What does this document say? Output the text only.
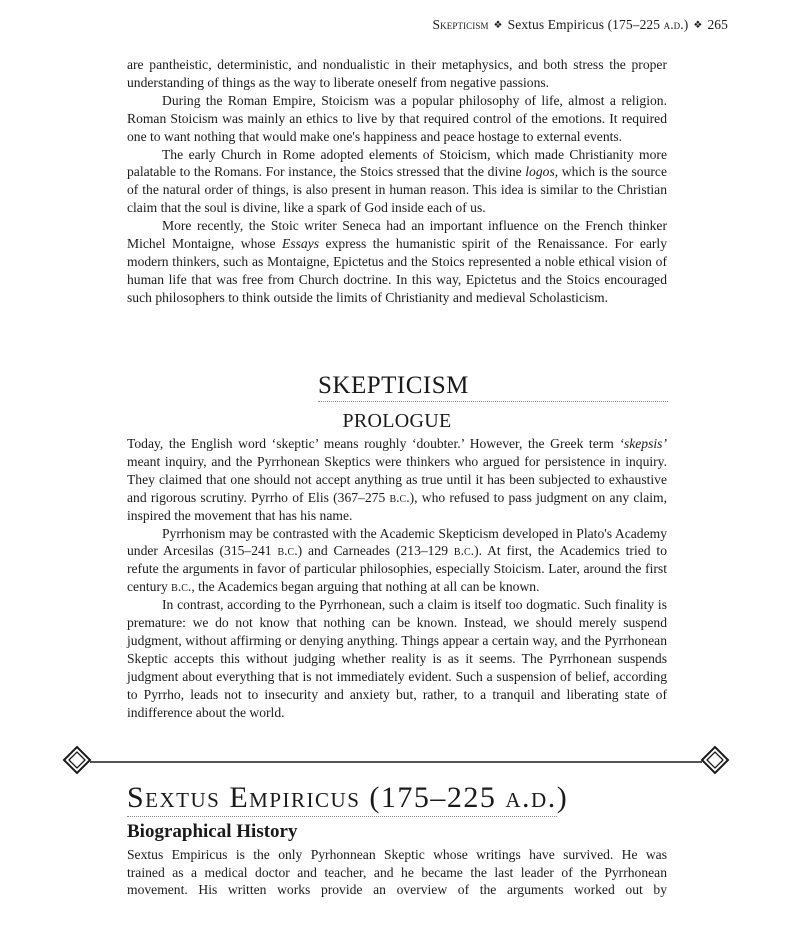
Skepticism ❖ Sextus Empiricus (175–225 a.d.) ❖ 265

are pantheistic, deterministic, and nondualistic in their metaphysics, and both stress the proper understanding of things as the way to liberate oneself from negative passions.

During the Roman Empire, Stoicism was a popular philosophy of life, almost a religion. Roman Stoicism was mainly an ethics to live by that required control of the emotions. It required one to want nothing that would make one's happiness and peace hostage to external events.

The early Church in Rome adopted elements of Stoicism, which made Christianity more palatable to the Romans. For instance, the Stoics stressed that the divine logos, which is the source of the natural order of things, is also present in human reason. This idea is similar to the Christian claim that the soul is divine, like a spark of God inside each of us.

More recently, the Stoic writer Seneca had an important influence on the French thinker Michel Montaigne, whose Essays express the humanistic spirit of the Renaissance. For early modern thinkers, such as Montaigne, Epictetus and the Stoics represented a noble ethical vision of human life that was free from Church doctrine. In this way, Epictetus and the Stoics encouraged such philosophers to think outside the limits of Christianity and medieval Scholasticism.

SKEPTICISM
PROLOGUE

Today, the English word ‘skeptic’ means roughly ‘doubter.’ However, the Greek term ‘skepsis’ meant inquiry, and the Pyrrhonean Skeptics were thinkers who argued for persistence in inquiry. They claimed that one should not accept anything as true until it has been subjected to exhaustive and rigorous scrutiny. Pyrrho of Elis (367–275 b.c.), who refused to pass judgment on any claim, inspired the movement that has his name.

Pyrrhonism may be contrasted with the Academic Skepticism developed in Plato's Academy under Arcesilas (315–241 b.c.) and Carneades (213–129 b.c.). At first, the Academics tried to refute the arguments in favor of particular philosophies, especially Stoicism. Later, around the first century b.c., the Academics began arguing that nothing at all can be known.

In contrast, according to the Pyrrhonean, such a claim is itself too dogmatic. Such finality is premature: we do not know that nothing can be known. Instead, we should merely suspend judgment, without affirming or denying anything. Things appear a certain way, and the Pyrrhonean Skeptic accepts this without judging whether reality is as it seems. The Pyrrhonean suspends judgment about everything that is not immediately evident. Such a suspension of belief, according to Pyrrho, leads not to insecurity and anxiety but, rather, to a tranquil and liberating state of indifference about the world.

Sextus Empiricus (175–225 a.d.)
Biographical History
Sextus Empiricus is the only Pyrhonnean Skeptic whose writings have survived. He was
trained as a medical doctor and teacher, and he became the last leader of the Pyrrhonean
movement. His written works provide an overview of the arguments worked out by
